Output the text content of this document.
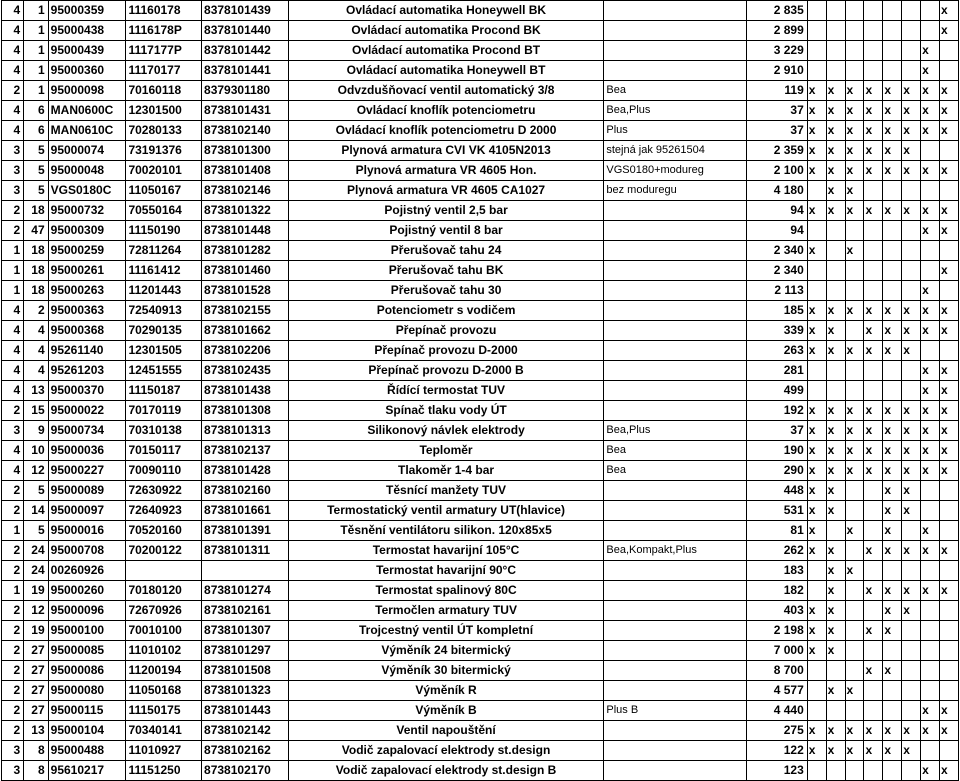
4	1	95000359	11160178	8378101439	Ovládací automatika Honeywell BK		2 835								x
4	1	95000438	1116178P	8378101440	Ovládací automatika Procond BK		2 899								x
4	1	95000439	1117177P	8378101442	Ovládací automatika Procond BT		3 229							x	
4	1	95000360	11170177	8378101441	Ovládací automatika Honeywell BT		2 910							x	
2	1	95000098	70160118	8379301180	Odvzdušňovací ventil automatický 3/8	Bea	119	x	x	x	x	x	x	x	x
4	6	MAN0600C	12301500	8738101431	Ovládací knoflík potenciometru	Bea,Plus	37	x	x	x	x	x	x	x	x
4	6	MAN0610C	70280133	8738102140	Ovládací knoflík potenciometru D 2000	Plus	37	x	x	x	x	x	x	x	x
3	5	95000074	73191376	8738101300	Plynová armatura CVI VK 4105N2013	stejná jak 95261504	2 359	x	x	x	x	x	x		
3	5	95000048	70020101	8738101408	Plynová armatura VR 4605 Hon.	VGS0180+modureg	2 100	x	x	x	x	x	x	x	x
3	5	VGS0180C	11050167	8738102146	Plynová armatura VR 4605 CA1027	bez moduregu	4 180		x	x					
2	18	95000732	70550164	8738101322	Pojistný ventil 2,5 bar		94	x	x	x	x	x	x	x	x
2	47	95000309	11150190	8738101448	Pojistný ventil 8 bar		94							x	x
1	18	95000259	72811264	8738101282	Přerušovač tahu 24		2 340	x		x					
1	18	95000261	11161412	8738101460	Přerušovač tahu BK		2 340								x
1	18	95000263	11201443	8738101528	Přerušovač tahu 30		2 113							x	
4	2	95000363	72540913	8738102155	Potenciometr s vodičem		185	x	x	x	x	x	x	x	x
4	4	95000368	70290135	8738101662	Přepínač provozu		339	x	x		x	x	x	x	x
4	4	95261140	12301505	8738102206	Přepínač provozu D-2000		263	x	x	x	x	x	x		
4	4	95261203	12451555	8738102435	Přepínač provozu D-2000 B		281							x	x
4	13	95000370	11150187	8738101438	Řídící termostat TUV		499							x	x
2	15	95000022	70170119	8738101308	Spínač tlaku vody ÚT		192	x	x	x	x	x	x	x	x
3	9	95000734	70310138	8738101313	Silikonový návlek elektrody	Bea,Plus	37	x	x	x	x	x	x	x	x
4	10	95000036	70150117	8738102137	Teploměr	Bea	190	x	x	x	x	x	x	x	x
4	12	95000227	70090110	8738101428	Tlakoměr 1-4 bar	Bea	290	x	x	x	x	x	x	x	x
2	5	95000089	72630922	8738102160	Těsnící manžety TUV		448	x	x			x	x		
2	14	95000097	72640923	8738101661	Termostatický ventil armatury UT(hlavice)		531	x	x			x	x		
1	5	95000016	70520160	8738101391	Těsnění ventilátoru silikon. 120x85x5		81	x		x		x		x	
2	24	95000708	70200122	8738101311	Termostat havarijní 105°C	Bea,Kompakt,Plus	262	x	x		x	x	x	x	x
2	24	00260926			Termostat havarijní 90°C		183		x	x					
1	19	95000260	70180120	8738101274	Termostat spalinový 80C		182		x		x	x	x	x	x
2	12	95000096	72670926	8738102161	Termočlen armatury TUV		403	x	x			x	x		
2	19	95000100	70010100	8738101307	Trojcestný ventil ÚT kompletní		2 198	x	x		x	x			
2	27	95000085	11010102	8738101297	Výměník 24 bitermický		7 000	x	x						
2	27	95000086	11200194	8738101508	Výměník 30 bitermický		8 700				x	x			
2	27	95000080	11050168	8738101323	Výměník R		4 577		x	x					
2	27	95000115	11150175	8738101443	Výměník B	Plus B	4 440							x	x
2	13	95000104	70340141	8738102142	Ventil napouštění		275	x	x	x	x	x	x	x	x
3	8	95000488	11010927	8738102162	Vodič zapalovací elektrody st.design		122	x	x	x	x	x	x		
3	8	95610217	11151250	8738102170	Vodič zapalovací elektrody st.design B		123							x	x
